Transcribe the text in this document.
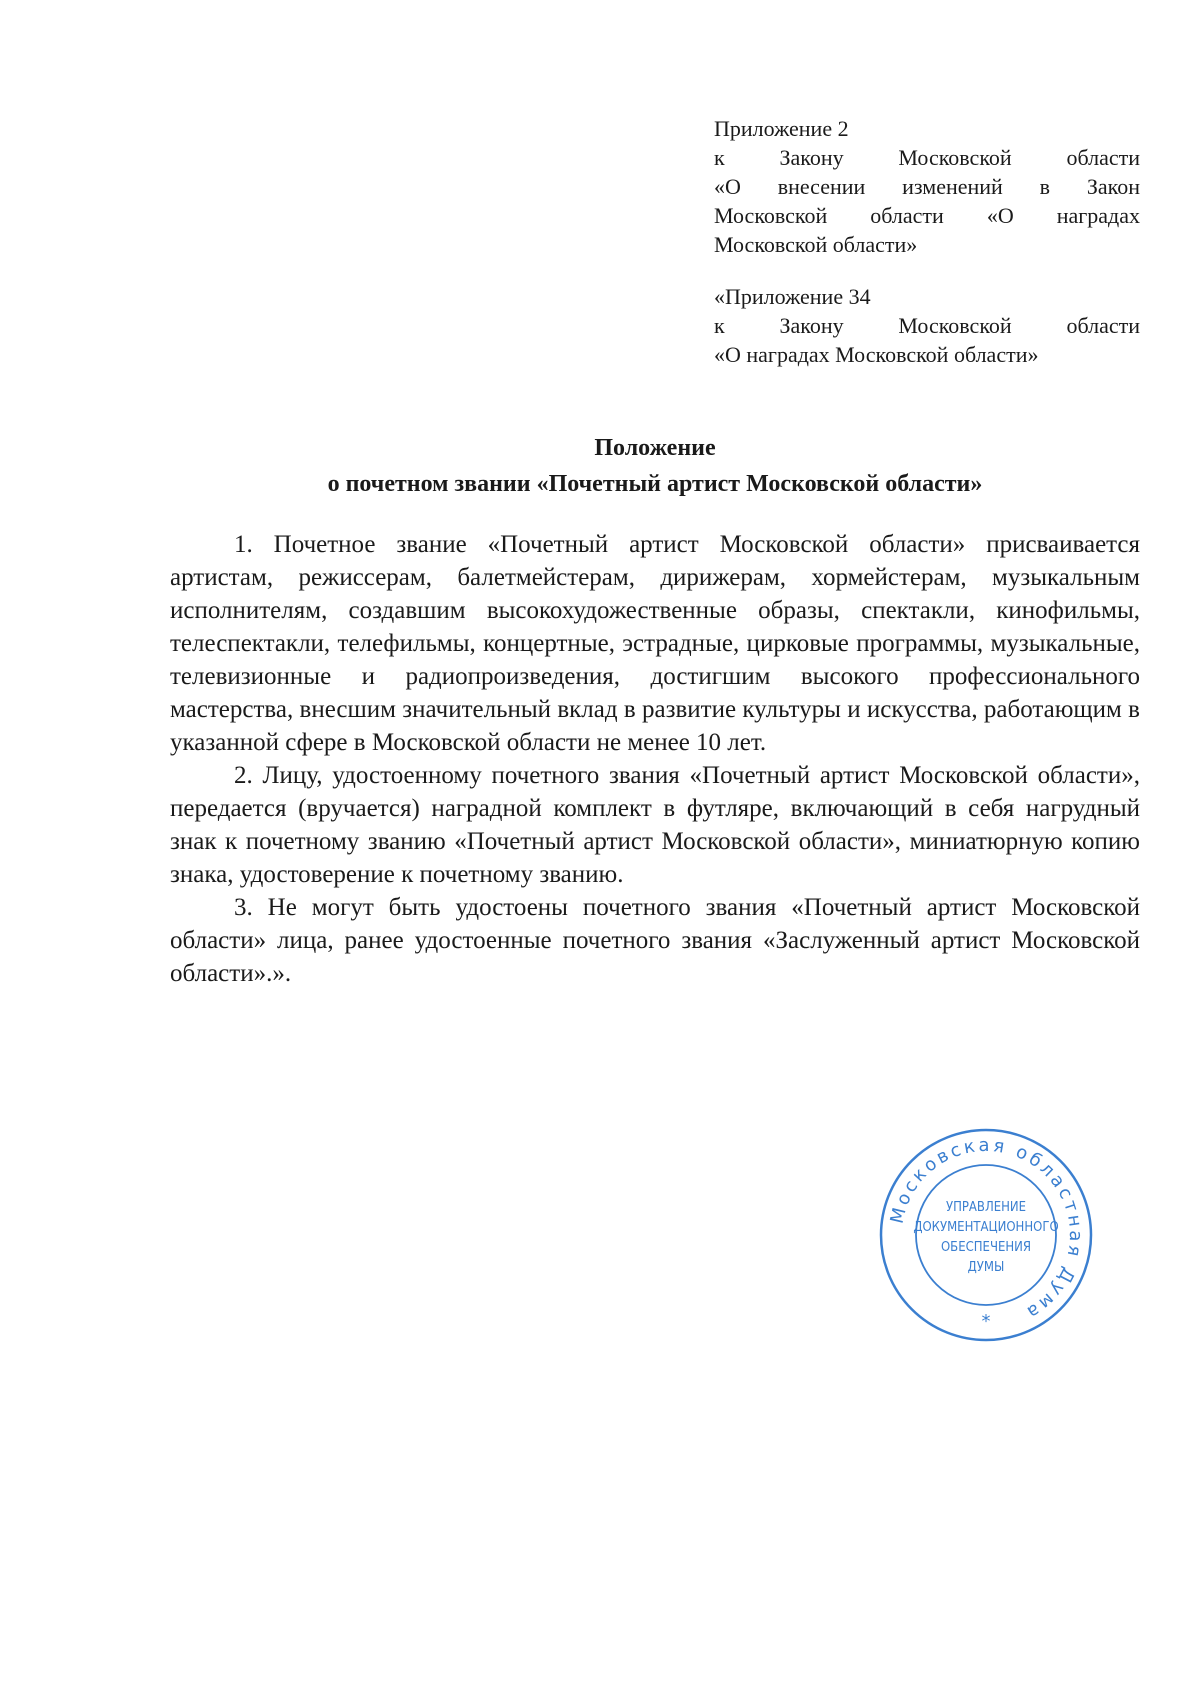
Приложение 2
к Закону Московской области
«О внесении изменений в Закон
Московской области «О наградах
Московской области»
«Приложение 34
к Закону Московской области
«О наградах Московской области»
Положение
о почетном звании «Почетный артист Московской области»

1. Почетное звание «Почетный артист Московской области» присваивается артистам, режиссерам, балетмейстерам, дирижерам, хормейстерам, музыкальным исполнителям, создавшим высокохудожественные образы, спектакли, кинофильмы, телеспектакли, телефильмы, концертные, эстрадные, цирковые программы, музыкальные, телевизионные и радиопроизведения, достигшим высокого профессионального мастерства, внесшим значительный вклад в развитие культуры и искусства, работающим в указанной сфере в Московской области не менее 10 лет.

2. Лицу, удостоенному почетного звания «Почетный артист Московской области», передается (вручается) наградной комплект в футляре, включающий в себя нагрудный знак к почетному званию «Почетный артист Московской области», миниатюрную копию знака, удостоверение к почетному званию.

3. Не могут быть удостоены почетного звания «Почетный артист Московской области» лица, ранее удостоенные почетного звания «Заслуженный артист Московской области».».

Московская областная Дума
УПРАВЛЕНИЕ
ДОКУМЕНТАЦИОННОГО
ОБЕСПЕЧЕНИЯ
ДУМЫ
*
